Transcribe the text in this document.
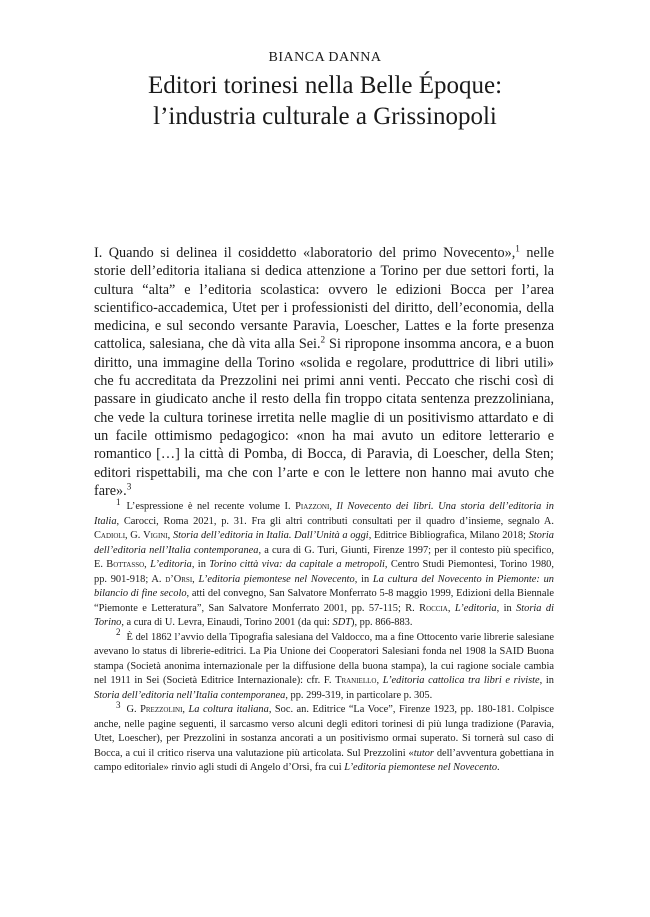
BIANCA DANNA
Editori torinesi nella Belle Époque:
l’industria culturale a Grissinopoli

I. Quando si delinea il cosiddetto «laboratorio del primo Novecento»,$^1$ nelle storie dell’editoria italiana si dedica attenzione a Torino per due settori forti, la cultura “alta” e l’editoria scolastica: ovvero le edizioni Bocca per l’area scientifico-accademica, Utet per i professionisti del diritto, dell’economia, della medicina, e sul secondo versante Paravia, Loescher, Lattes e la forte presenza cattolica, salesiana, che dà vita alla Sei.$^2$ Si ripropone insomma ancora, e a buon diritto, una immagine della Torino «solida e regolare, produttrice di libri utili» che fu accreditata da Prezzolini nei primi anni venti. Peccato che rischi così di passare in giudicato anche il resto della fin troppo citata sentenza prezzoliniana, che vede la cultura torinese irretita nelle maglie di un positivismo attardato e di un facile ottimismo pedagogico: «non ha mai avuto un editore letterario e romantico […] la città di Pomba, di Bocca, di Paravia, di Loescher, della Sten; editori rispettabili, ma che con l’arte e con le lettere non hanno mai avuto che fare».$^3$

1 L’espressione è nel recente volume I. Piazzoni, Il Novecento dei libri. Una storia dell’editoria in Italia, Carocci, Roma 2021, p. 31. Fra gli altri contributi consultati per il quadro d’insieme, segnalo A. Cadioli, G. Vigini, Storia dell’editoria in Italia. Dall’Unità a oggi, Editrice Bibliografica, Milano 2018; Storia dell’editoria nell’Italia contemporanea, a cura di G. Turi, Giunti, Firenze 1997; per il contesto più specifico, E. Bottasso, L’editoria, in Torino città viva: da capitale a metropoli, Centro Studi Piemontesi, Torino 1980, pp. 901-918; A. d’Orsi, L’editoria piemontese nel Novecento, in La cultura del Novecento in Piemonte: un bilancio di fine secolo, atti del convegno, San Salvatore Monferrato 5-8 maggio 1999, Edizioni della Biennale “Piemonte e Letteratura”, San Salvatore Monferrato 2001, pp. 57-115; R. Roccia, L’editoria, in Storia di Torino, a cura di U. Levra, Einaudi, Torino 2001 (da qui: SDT), pp. 866-883.

2 È del 1862 l’avvio della Tipografia salesiana del Valdocco, ma a fine Ottocento varie librerie salesiane avevano lo status di librerie-editrici. La Pia Unione dei Cooperatori Salesiani fonda nel 1908 la SAID Buona stampa (Società anonima internazionale per la diffusione della buona stampa), la cui ragione sociale cambia nel 1911 in Sei (Società Editrice Internazionale): cfr. F. Traniello, L’editoria cattolica tra libri e riviste, in Storia dell’editoria nell’Italia contemporanea, pp. 299-319, in particolare p. 305.

3 G. Prezzolini, La coltura italiana, Soc. an. Editrice “La Voce”, Firenze 1923, pp. 180-181. Colpisce anche, nelle pagine seguenti, il sarcasmo verso alcuni degli editori torinesi di più lunga tradizione (Paravia, Utet, Loescher), per Prezzolini in sostanza ancorati a un positivismo ormai superato. Si tornerà sul caso di Bocca, a cui il critico riserva una valutazione più articolata. Sul Prezzolini «tutor dell’avventura gobettiana in campo editoriale» rinvio agli studi di Angelo d’Orsi, fra cui L’editoria piemontese nel Novecento.
